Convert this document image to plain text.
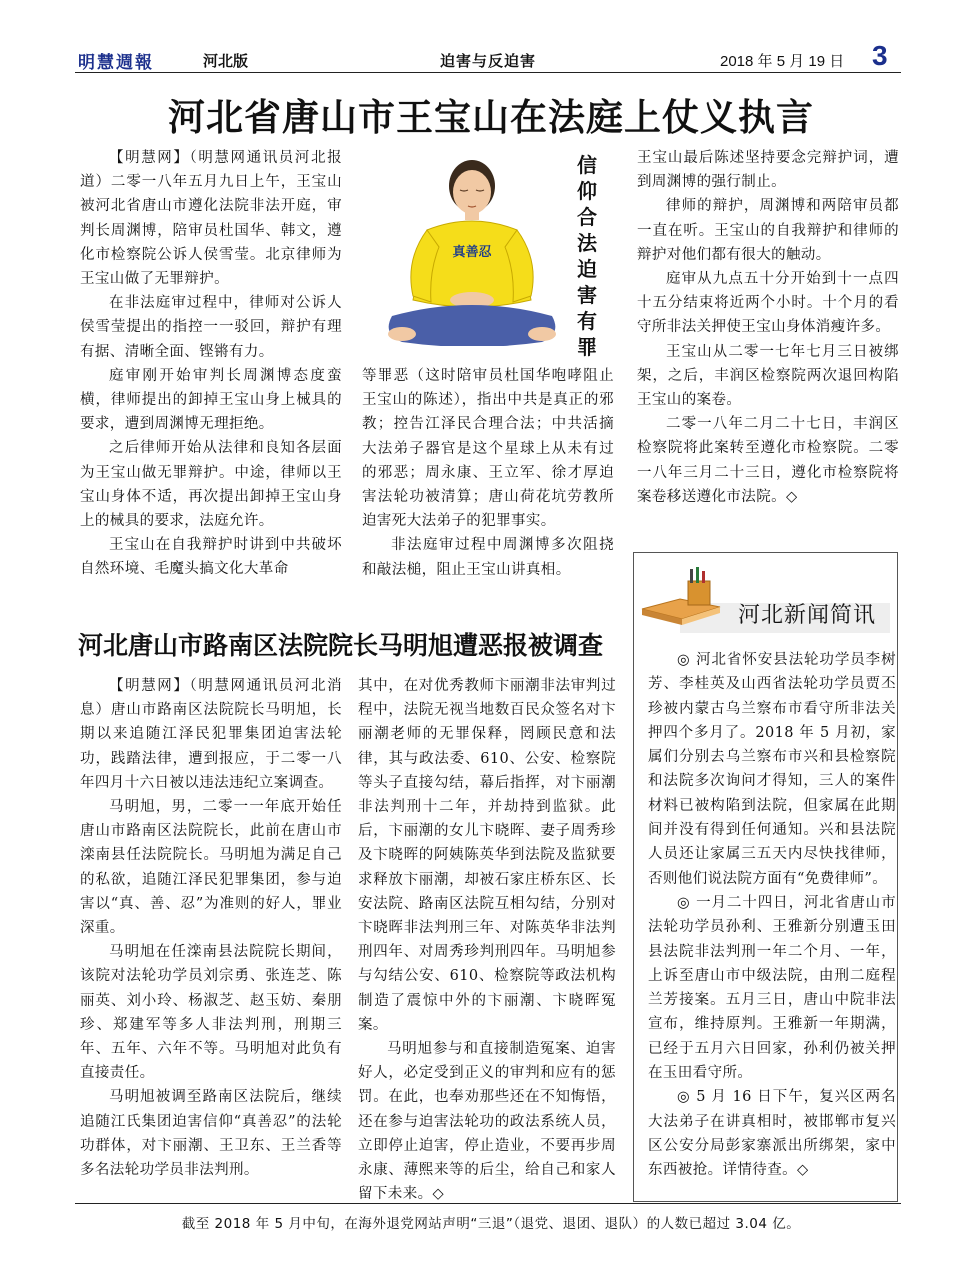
明慧週報	河北版	迫害与反迫害	2018 年 5 月 19 日 3
河北省唐山市王宝山在法庭上仗义执言

【明慧网】（明慧网通讯员河北报道）二零一八年五月九日上午，王宝山被河北省唐山市遵化法院非法开庭，审判长周渊博，陪审员杜国华、韩文，遵化市检察院公诉人侯雪莹。北京律师为王宝山做了无罪辩护。

在非法庭审过程中，律师对公诉人侯雪莹提出的指控一一驳回，辩护有理有据、清晰全面、铿锵有力。

庭审刚开始审判长周渊博态度蛮横，律师提出的卸掉王宝山身上械具的要求，遭到周渊博无理拒绝。

之后律师开始从法律和良知各层面为王宝山做无罪辩护。中途，律师以王宝山身体不适，再次提出卸掉王宝山身上的械具的要求，法庭允许。

王宝山在自我辩护时讲到中共破坏自然环境、毛魔头搞文化大革命

真善忍
信仰合法迫害有罪

等罪恶（这时陪审员杜国华咆哮阻止王宝山的陈述），指出中共是真正的邪教；控告江泽民合理合法；中共活摘大法弟子器官是这个星球上从未有过的邪恶；周永康、王立军、徐才厚迫害法轮功被清算；唐山荷花坑劳教所迫害死大法弟子的犯罪事实。

非法庭审过程中周渊博多次阻挠和敲法槌，阻止王宝山讲真相。

王宝山最后陈述坚持要念完辩护词，遭到周渊博的强行制止。

律师的辩护，周渊博和两陪审员都一直在听。王宝山的自我辩护和律师的辩护对他们都有很大的触动。

庭审从九点五十分开始到十一点四十五分结束将近两个小时。十个月的看守所非法关押使王宝山身体消瘦许多。

王宝山从二零一七年七月三日被绑架，之后，丰润区检察院两次退回构陷王宝山的案卷。

二零一八年二月二十七日，丰润区检察院将此案转至遵化市检察院。二零一八年三月二十三日，遵化市检察院将案卷移送遵化市法院。◇

河北唐山市路南区法院院长马明旭遭恶报被调查

【明慧网】（明慧网通讯员河北消息）唐山市路南区法院院长马明旭，长期以来追随江泽民犯罪集团迫害法轮功，践踏法律，遭到报应，于二零一八年四月十六日被以违法违纪立案调查。

马明旭，男，二零一一年底开始任唐山市路南区法院院长，此前在唐山市滦南县任法院院长。马明旭为满足自己的私欲，追随江泽民犯罪集团，参与迫害以“真、善、忍”为准则的好人，罪业深重。

马明旭在任滦南县法院院长期间，该院对法轮功学员刘宗勇、张连芝、陈丽英、刘小玲、杨淑芝、赵玉妨、秦朋珍、郑建军等多人非法判刑，刑期三年、五年、六年不等。马明旭对此负有直接责任。

马明旭被调至路南区法院后，继续追随江氏集团迫害信仰“真善忍”的法轮功群体，对卞丽潮、王卫东、王兰香等多名法轮功学员非法判刑。

其中，在对优秀教师卞丽潮非法审判过程中，法院无视当地数百民众签名对卞丽潮老师的无罪保释，罔顾民意和法律，其与政法委、610、公安、检察院等头子直接勾结，幕后指挥，对卞丽潮非法判刑十二年，并劫持到监狱。此后，卞丽潮的女儿卞晓晖、妻子周秀珍及卞晓晖的阿姨陈英华到法院及监狱要求释放卞丽潮，却被石家庄桥东区、长安法院、路南区法院互相勾结，分别对卞晓晖非法判刑三年、对陈英华非法判刑四年、对周秀珍判刑四年。马明旭参与勾结公安、610、检察院等政法机构制造了震惊中外的卞丽潮、卞晓晖冤案。

马明旭参与和直接制造冤案、迫害好人，必定受到正义的审判和应有的惩罚。在此，也奉劝那些还在不知悔悟，还在参与迫害法轮功的政法系统人员，立即停止迫害，停止造业，不要再步周永康、薄熙来等的后尘，给自己和家人留下未来。◇

河北新闻简讯

◎ 河北省怀安县法轮功学员李树芳、李桂英及山西省法轮功学员贾丕珍被内蒙古乌兰察布市看守所非法关押四个多月了。2018 年 5 月初，家属们分别去乌兰察布市兴和县检察院和法院多次询问才得知，三人的案件材料已被构陷到法院，但家属在此期间并没有得到任何通知。兴和县法院人员还让家属三五天内尽快找律师，否则他们说法院方面有“免费律师”。

◎ 一月二十四日，河北省唐山市法轮功学员孙利、王雅新分别遭玉田县法院非法判刑一年二个月、一年，上诉至唐山市中级法院，由刑二庭程兰芳接案。五月三日，唐山中院非法宣布，维持原判。王雅新一年期满，已经于五月六日回家，孙利仍被关押在玉田看守所。

◎ 5 月 16 日下午，复兴区两名大法弟子在讲真相时，被邯郸市复兴区公安分局彭家寨派出所绑架，家中东西被抢。详情待查。◇

截至 2018 年 5 月中旬，在海外退党网站声明“三退”（退党、退团、退队）的人数已超过 3.04 亿。
